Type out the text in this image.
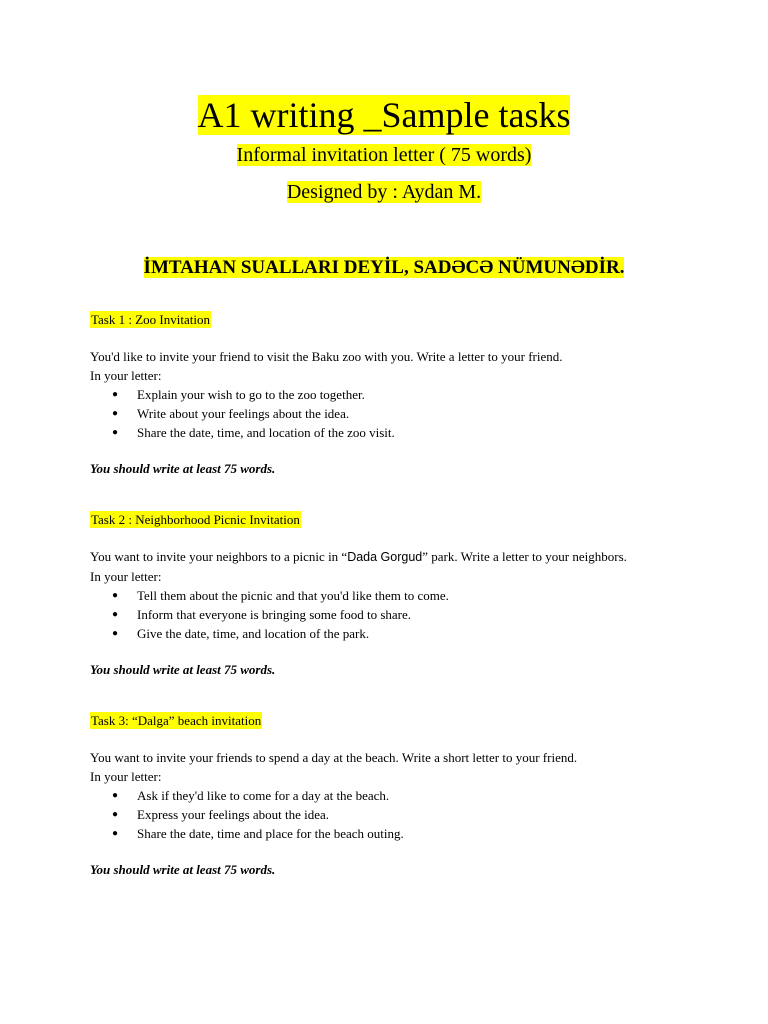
A1 writing _Sample tasks

Informal invitation letter ( 75 words)

Designed by : Aydan M.

İMTAHAN SUALLARI DEYİL, SADƏCƏ NÜMUNƏDİR.

Task 1 : Zoo Invitation

You'd like to invite your friend to visit the Baku zoo with you. Write a letter to your friend.
In your letter:

● Explain your wish to go to the zoo together.
● Write about your feelings about the idea.
● Share the date, time, and location of the zoo visit.

You should write at least 75 words.

Task 2 : Neighborhood Picnic Invitation

You want to invite your neighbors to a picnic in “Dada Gorgud” park. Write a letter to your neighbors.
In your letter:

● Tell them about the picnic and that you'd like them to come.
● Inform that everyone is bringing some food to share.
● Give the date, time, and location of the park.

You should write at least 75 words.

Task 3: “Dalga” beach invitation

You want to invite your friends to spend a day at the beach. Write a short letter to your friend.
In your letter:

● Ask if they'd like to come for a day at the beach.
● Express your feelings about the idea.
● Share the date, time and place for the beach outing.

You should write at least 75 words.
